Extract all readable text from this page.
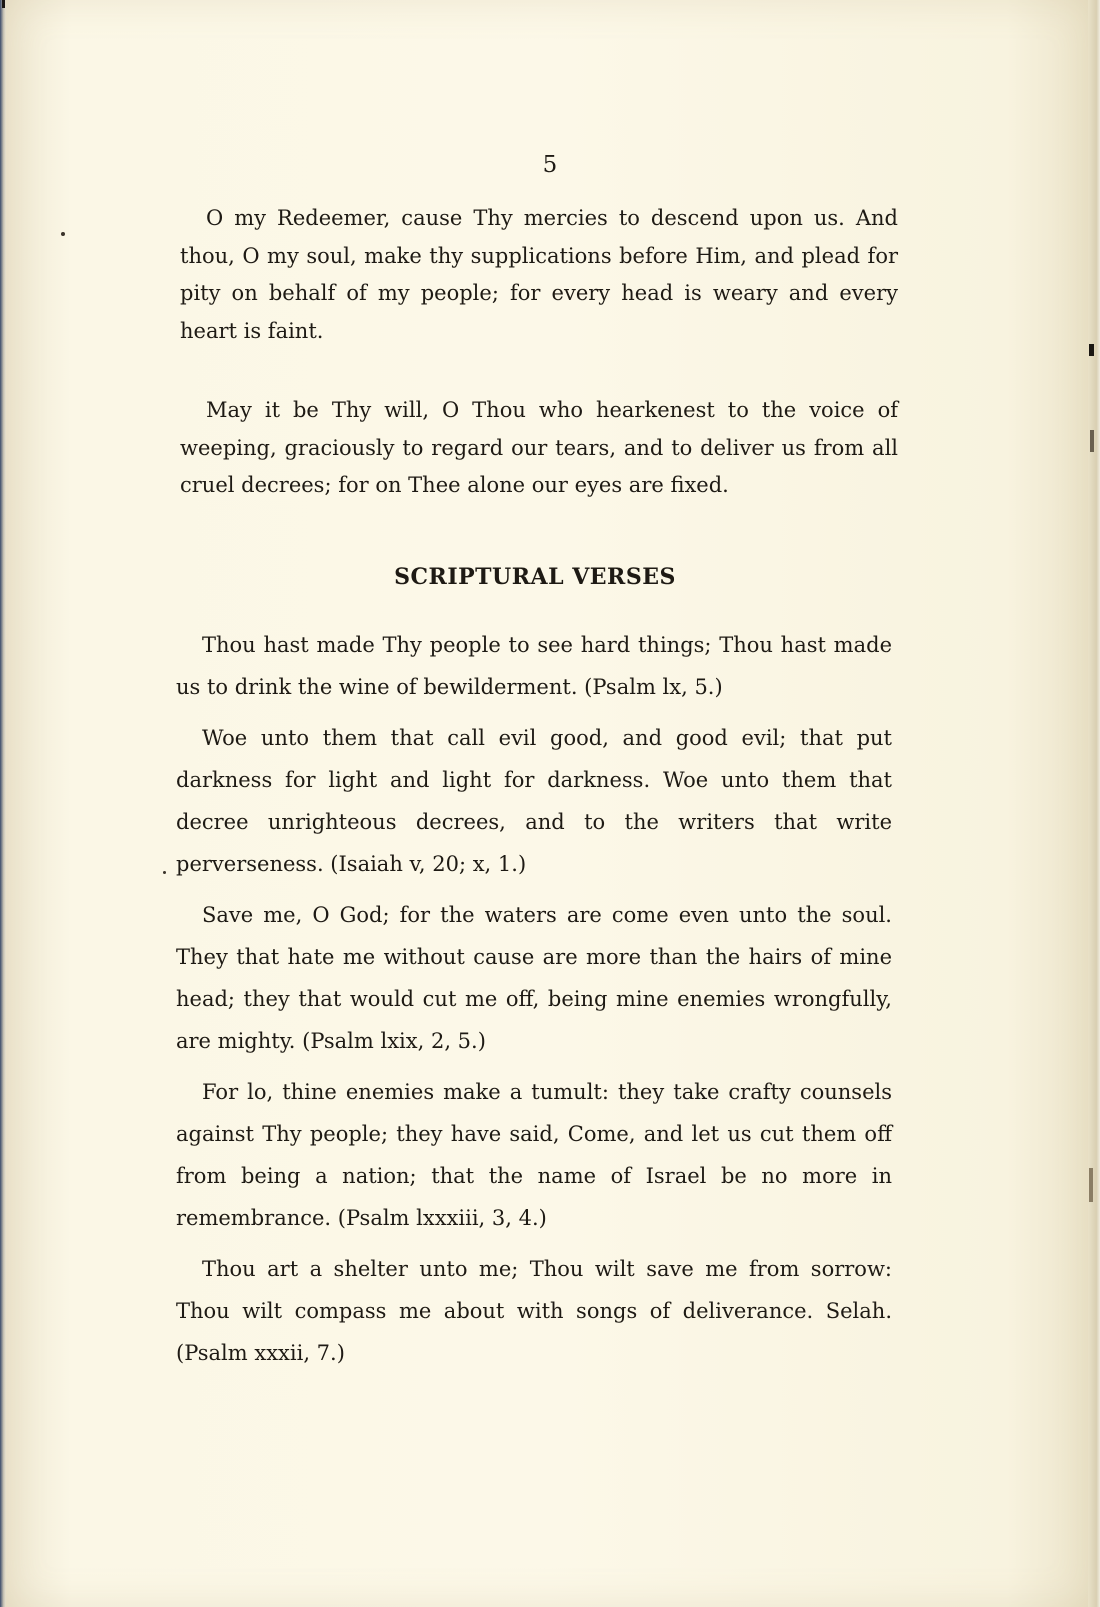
5

O my Redeemer, cause Thy mercies to descend upon us. And thou, O my soul, make thy supplications before Him, and plead for pity on behalf of my people; for every head is weary and every heart is faint.

May it be Thy will, O Thou who hearkenest to the voice of weeping, graciously to regard our tears, and to deliver us from all cruel decrees; for on Thee alone our eyes are fixed.

SCRIPTURAL VERSES

Thou hast made Thy people to see hard things; Thou hast made us to drink the wine of bewilderment. (Psalm lx, 5.)

Woe unto them that call evil good, and good evil; that put darkness for light and light for darkness. Woe unto them that decree unrighteous decrees, and to the writers that write perverseness. (Isaiah v, 20; x, 1.)

Save me, O God; for the waters are come even unto the soul. They that hate me without cause are more than the hairs of mine head; they that would cut me off, being mine enemies wrongfully, are mighty. (Psalm lxix, 2, 5.)

For lo, thine enemies make a tumult: they take crafty counsels against Thy people; they have said, Come, and let us cut them off from being a nation; that the name of Israel be no more in remembrance. (Psalm lxxxiii, 3, 4.)

Thou art a shelter unto me; Thou wilt save me from sorrow: Thou wilt compass me about with songs of deliverance. Selah. (Psalm xxxii, 7.)
